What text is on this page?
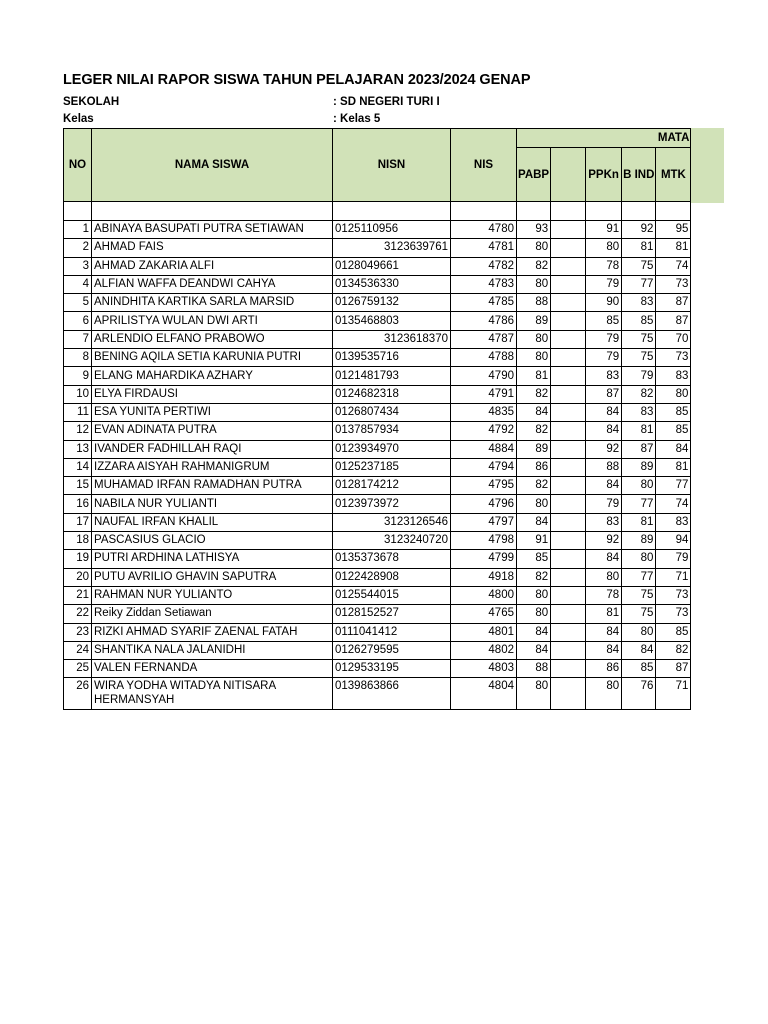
LEGER NILAI RAPOR SISWA TAHUN PELAJARAN 2023/2024 GENAP
SEKOLAH	: SD NEGERI TURI I
Kelas	: Kelas 5
NO	NAMA SISWA	NISN	NIS	MATA				
				PABP		PPKn	B IND	MTK

1	ABINAYA BASUPATI PUTRA SETIAWAN	0125110956	4780	93		91	92	95
2	AHMAD FAIS	3123639761	4781	80		80	81	81
3	AHMAD ZAKARIA ALFI	0128049661	4782	82		78	75	74
4	ALFIAN WAFFA DEANDWI CAHYA	0134536330	4783	80		79	77	73
5	ANINDHITA KARTIKA SARLA MARSID	0126759132	4785	88		90	83	87
6	APRILISTYA WULAN DWI ARTI	0135468803	4786	89		85	85	87
7	ARLENDIO ELFANO PRABOWO	3123618370	4787	80		79	75	70
8	BENING AQILA SETIA KARUNIA PUTRI	0139535716	4788	80		79	75	73
9	ELANG MAHARDIKA AZHARY	0121481793	4790	81		83	79	83
10	ELYA FIRDAUSI	0124682318	4791	82		87	82	80
11	ESA YUNITA PERTIWI	0126807434	4835	84		84	83	85
12	EVAN ADINATA PUTRA	0137857934	4792	82		84	81	85
13	IVANDER FADHILLAH RAQI	0123934970	4884	89		92	87	84
14	IZZARA AISYAH RAHMANIGRUM	0125237185	4794	86		88	89	81
15	MUHAMAD IRFAN RAMADHAN PUTRA	0128174212	4795	82		84	80	77
16	NABILA NUR YULIANTI	0123973972	4796	80		79	77	74
17	NAUFAL IRFAN KHALIL	3123126546	4797	84		83	81	83
18	PASCASIUS GLACIO	3123240720	4798	91		92	89	94
19	PUTRI ARDHINA LATHISYA	0135373678	4799	85		84	80	79
20	PUTU AVRILIO GHAVIN SAPUTRA	0122428908	4918	82		80	77	71
21	RAHMAN NUR YULIANTO	0125544015	4800	80		78	75	73
22	Reiky Ziddan Setiawan	0128152527	4765	80		81	75	73
23	RIZKI AHMAD SYARIF ZAENAL FATAH	0111041412	4801	84		84	80	85
24	SHANTIKA NALA JALANIDHI	0126279595	4802	84		84	84	82
25	VALEN FERNANDA	0129533195	4803	88		86	85	87
26	WIRA YODHA WITADYA NITISARA HERMANSYAH	0139863866	4804	80		80	76	71
